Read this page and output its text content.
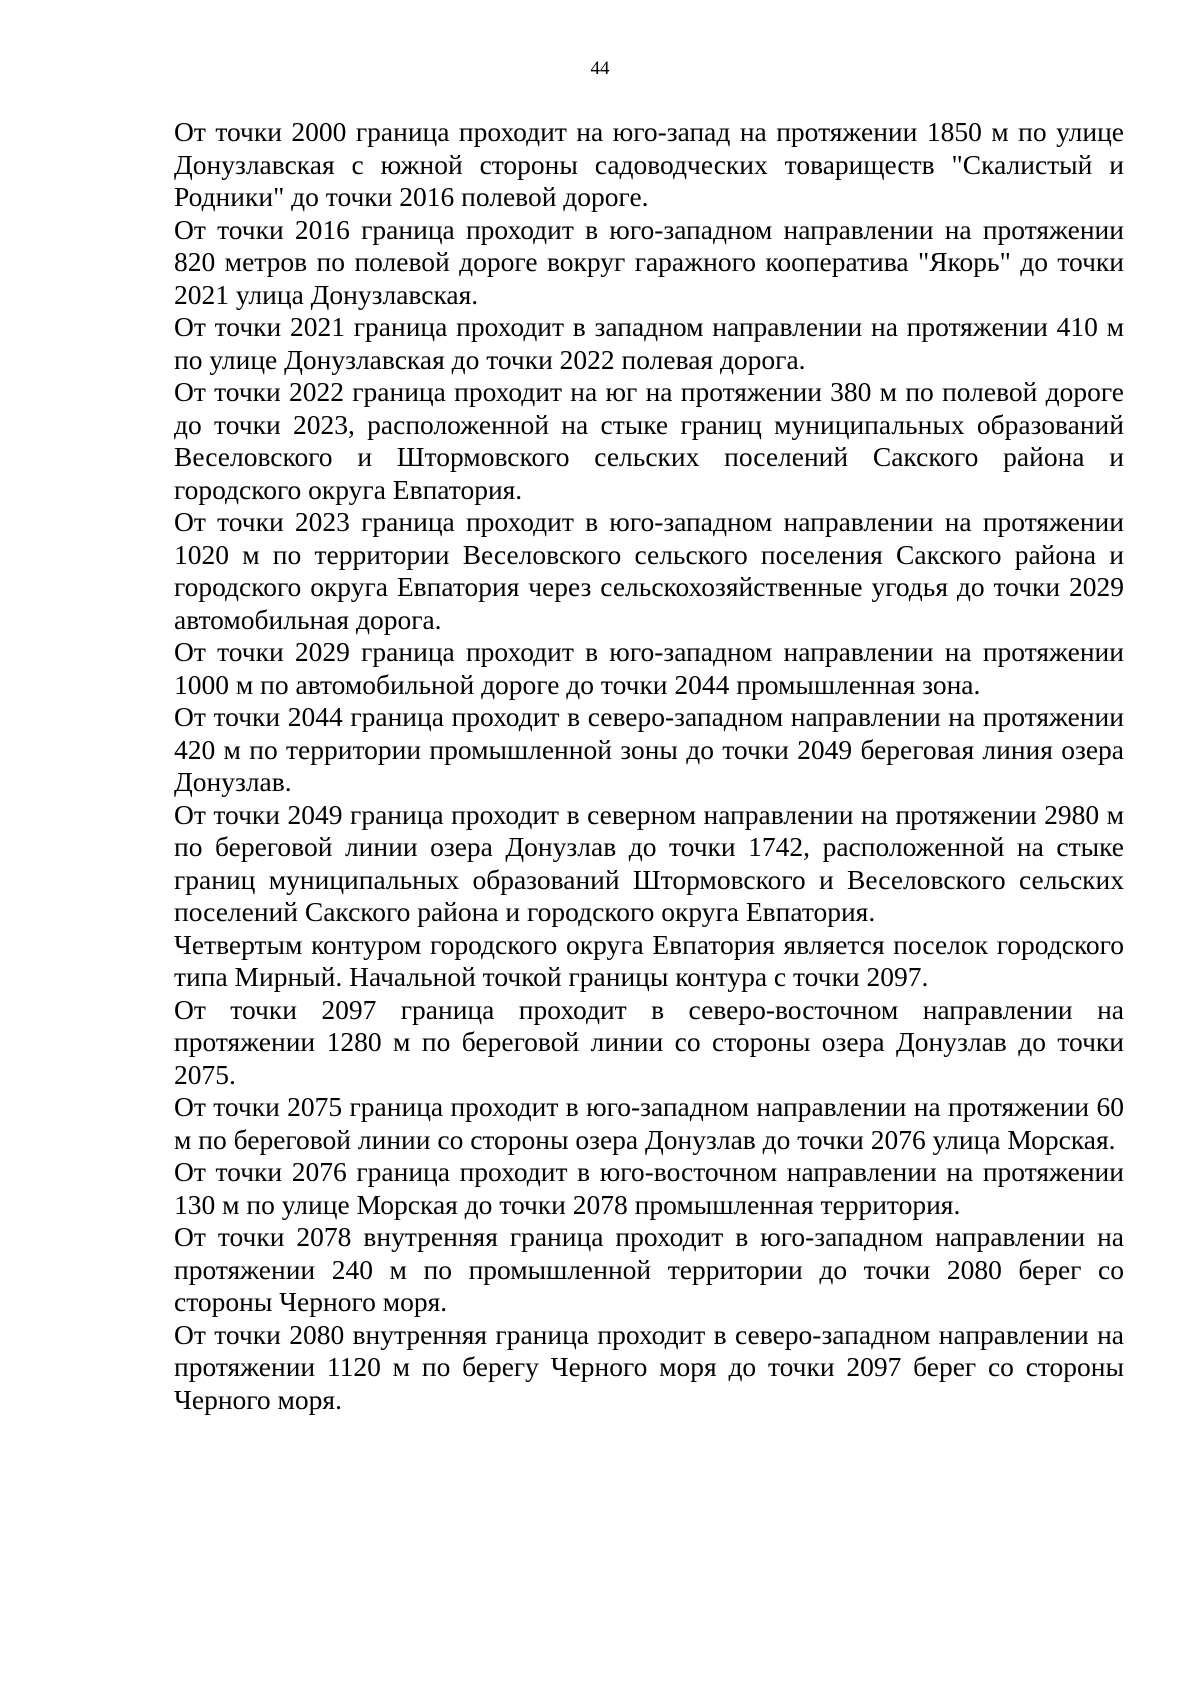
44

От точки 2000 граница проходит на юго-запад на протяжении 1850 м по улице Донузлавская с южной стороны садоводческих товариществ "Скалистый и Родники" до точки 2016 полевой дороге.

От точки 2016 граница проходит в юго-западном направлении на протяжении 820 метров по полевой дороге вокруг гаражного кооператива "Якорь" до точки 2021 улица Донузлавская.

От точки 2021 граница проходит в западном направлении на протяжении 410 м по улице Донузлавская до точки 2022 полевая дорога.

От точки 2022 граница проходит на юг на протяжении 380 м по полевой дороге до точки 2023, расположенной на стыке границ муниципальных образований Веселовского и Штормовского сельских поселений Сакского района и городского округа Евпатория.

От точки 2023 граница проходит в юго-западном направлении на протяжении 1020 м по территории Веселовского сельского поселения Сакского района и городского округа Евпатория через сельскохозяйственные угодья до точки 2029 автомобильная дорога.

От точки 2029 граница проходит в юго-западном направлении на протяжении 1000 м по автомобильной дороге до точки 2044 промышленная зона.

От точки 2044 граница проходит в северо-западном направлении на протяжении 420 м по территории промышленной зоны до точки 2049 береговая линия озера Донузлав.

От точки 2049 граница проходит в северном направлении на протяжении 2980 м по береговой линии озера Донузлав до точки 1742, расположенной на стыке границ муниципальных образований Штормовского и Веселовского сельских поселений Сакского района и городского округа Евпатория.

Четвертым контуром городского округа Евпатория является поселок городского типа Мирный. Начальной точкой границы контура с точки 2097.

От точки 2097 граница проходит в северо-восточном направлении на протяжении 1280 м по береговой линии со стороны озера Донузлав до точки 2075.

От точки 2075 граница проходит в юго-западном направлении на протяжении 60 м по береговой линии со стороны озера Донузлав до точки 2076 улица Морская.

От точки 2076 граница проходит в юго-восточном направлении на протяжении 130 м по улице Морская до точки 2078 промышленная территория.

От точки 2078 внутренняя граница проходит в юго-западном направлении на протяжении 240 м по промышленной территории до точки 2080 берег со стороны Черного моря.

От точки 2080 внутренняя граница проходит в северо-западном направлении на протяжении 1120 м по берегу Черного моря до точки 2097 берег со стороны Черного моря.
